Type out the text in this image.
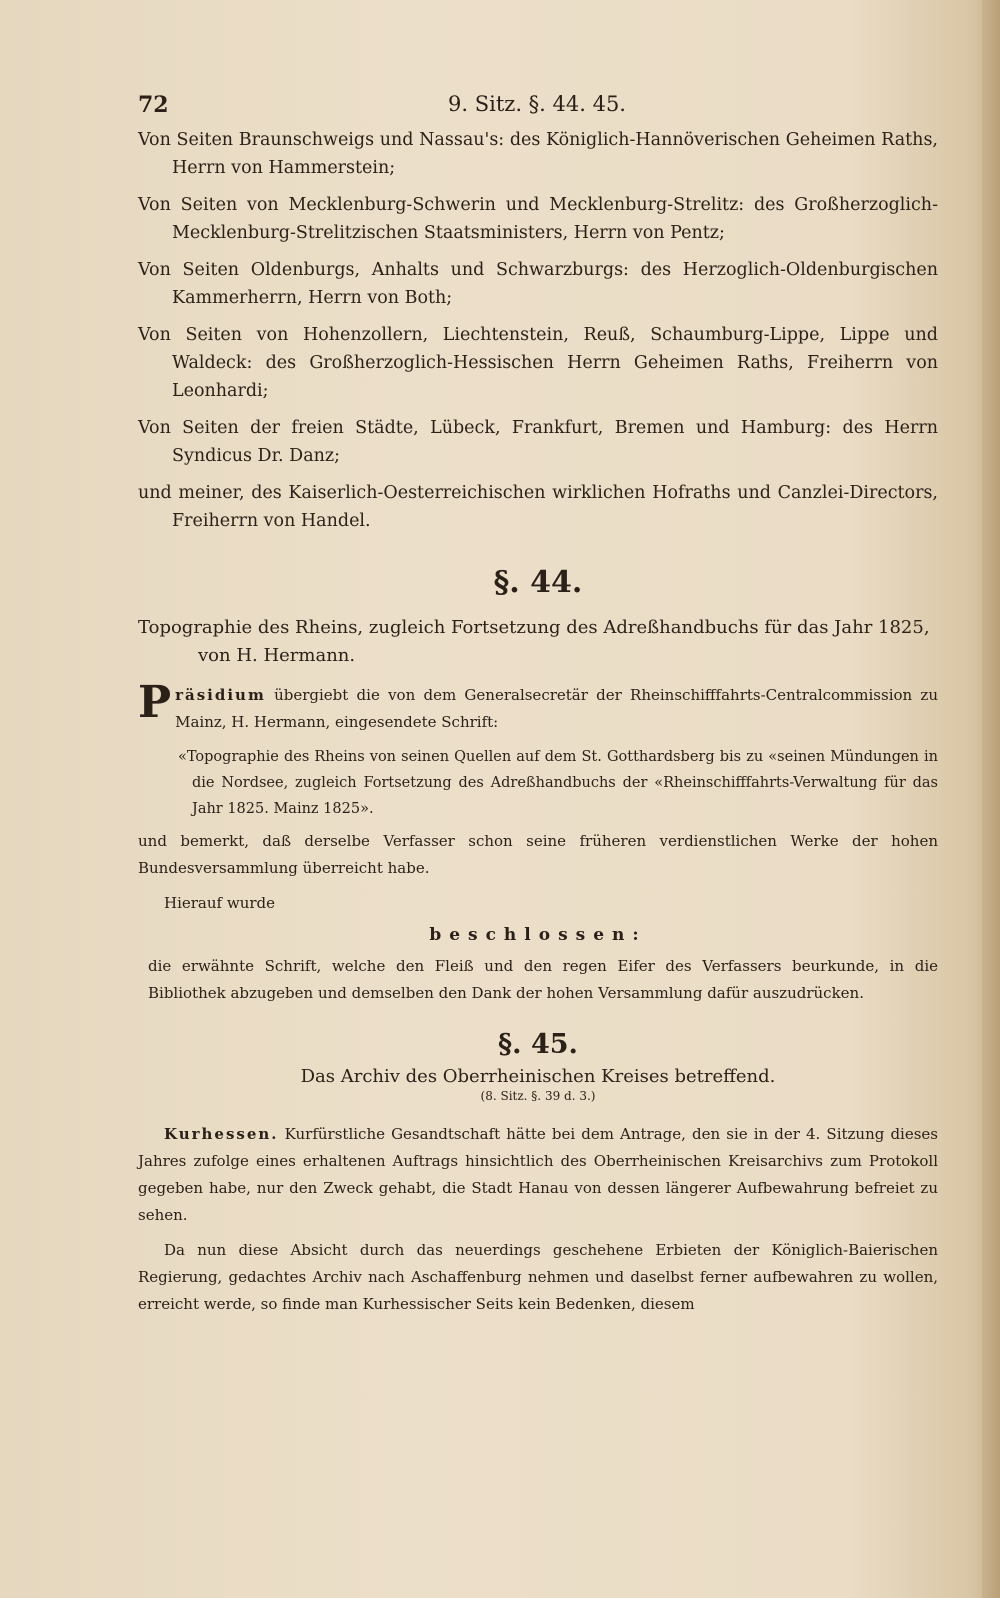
72	9. Sitz. §. 44. 45.

Von Seiten Braunschweigs und Nassau's: des Königlich-Hannöverischen Geheimen Raths, Herrn von Hammerstein;

Von Seiten von Mecklenburg-Schwerin und Mecklenburg-Strelitz: des Großherzoglich-Mecklenburg-Strelitzischen Staatsministers, Herrn von Pentz;

Von Seiten Oldenburgs, Anhalts und Schwarzburgs: des Herzoglich-Oldenburgischen Kammerherrn, Herrn von Both;

Von Seiten von Hohenzollern, Liechtenstein, Reuß, Schaumburg-Lippe, Lippe und Waldeck: des Großherzoglich-Hessischen Herrn Geheimen Raths, Freiherrn von Leonhardi;

Von Seiten der freien Städte, Lübeck, Frankfurt, Bremen und Hamburg: des Herrn Syndicus Dr. Danz;

und meiner, des Kaiserlich-Oesterreichischen wirklichen Hofraths und Canzlei-Directors, Freiherrn von Handel.

§. 44.

Topographie des Rheins, zugleich Fortsetzung des Adreßhandbuchs für das Jahr 1825, von H. Hermann.

Präsidium übergiebt die von dem Generalsecretär der Rheinschifffahrts-Centralcommission zu Mainz, H. Hermann, eingesendete Schrift:

«Topographie des Rheins von seinen Quellen auf dem St. Gotthardsberg bis zu «seinen Mündungen in die Nordsee, zugleich Fortsetzung des Adreßhandbuchs der «Rheinschifffahrts-Verwaltung für das Jahr 1825. Mainz 1825».

und bemerkt, daß derselbe Verfasser schon seine früheren verdienstlichen Werke der hohen Bundesversammlung überreicht habe.

Hierauf wurde

beschlossen:

die erwähnte Schrift, welche den Fleiß und den regen Eifer des Verfassers beurkunde, in die Bibliothek abzugeben und demselben den Dank der hohen Versammlung dafür auszudrücken.

§. 45.

Das Archiv des Oberrheinischen Kreises betreffend.

(8. Sitz. §. 39 d. 3.)

Kurhessen. Kurfürstliche Gesandtschaft hätte bei dem Antrage, den sie in der 4. Sitzung dieses Jahres zufolge eines erhaltenen Auftrags hinsichtlich des Oberrheinischen Kreisarchivs zum Protokoll gegeben habe, nur den Zweck gehabt, die Stadt Hanau von dessen längerer Aufbewahrung befreiet zu sehen.

Da nun diese Absicht durch das neuerdings geschehene Erbieten der Königlich-Baierischen Regierung, gedachtes Archiv nach Aschaffenburg nehmen und daselbst ferner aufbewahren zu wollen, erreicht werde, so finde man Kurhessischer Seits kein Bedenken, diesem
